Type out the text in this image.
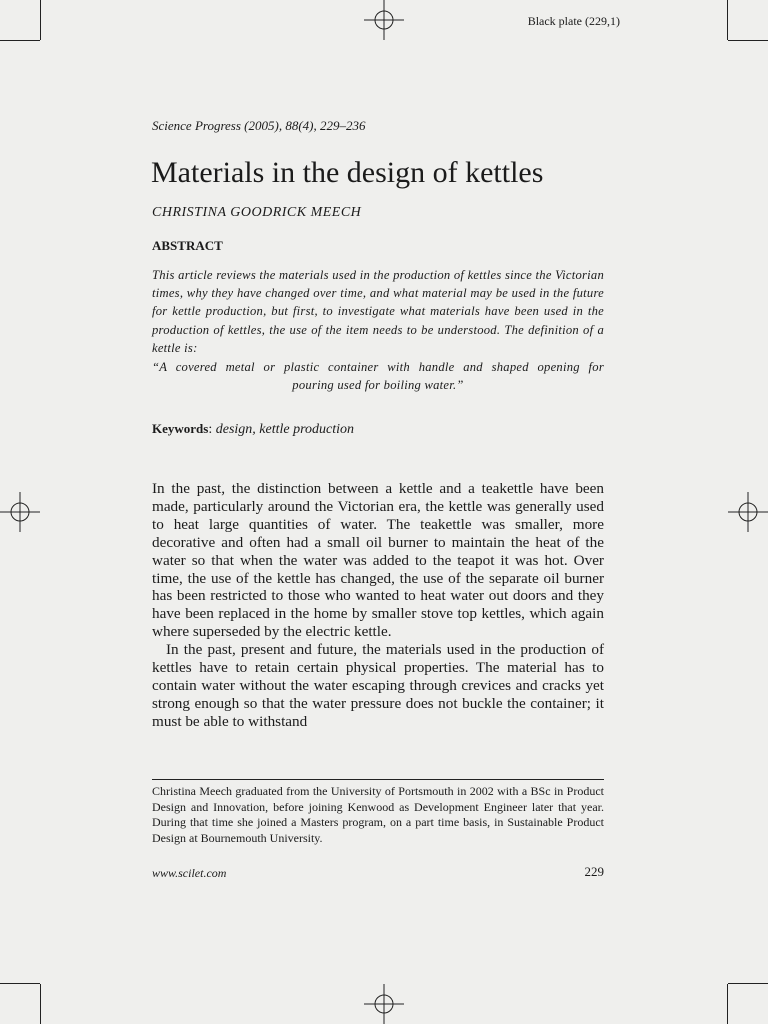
Black plate (229,1)
Science Progress (2005), 88(4), 229–236
Materials in the design of kettles
CHRISTINA GOODRICK MEECH
ABSTRACT
This article reviews the materials used in the production of kettles since the Victorian times, why they have changed over time, and what material may be used in the future for kettle production, but first, to investigate what materials have been used in the production of kettles, the use of the item needs to be understood. The definition of a kettle is:
“A covered metal or plastic container with handle and shaped opening for
pouring used for boiling water.”
Keywords: design, kettle production

In the past, the distinction between a kettle and a teakettle have been made, particularly around the Victorian era, the kettle was generally used to heat large quantities of water. The teakettle was smaller, more decorative and often had a small oil burner to maintain the heat of the water so that when the water was added to the teapot it was hot. Over time, the use of the kettle has changed, the use of the separate oil burner has been restricted to those who wanted to heat water out doors and they have been replaced in the home by smaller stove top kettles, which again where superseded by the electric kettle.

In the past, present and future, the materials used in the production of kettles have to retain certain physical properties. The material has to contain water without the water escaping through crevices and cracks yet strong enough so that the water pressure does not buckle the container; it must be able to withstand

Christina Meech graduated from the University of Portsmouth in 2002 with a BSc in Product Design and Innovation, before joining Kenwood as Development Engineer later that year. During that time she joined a Masters program, on a part time basis, in Sustainable Product Design at Bournemouth University.
www.scilet.com	229
